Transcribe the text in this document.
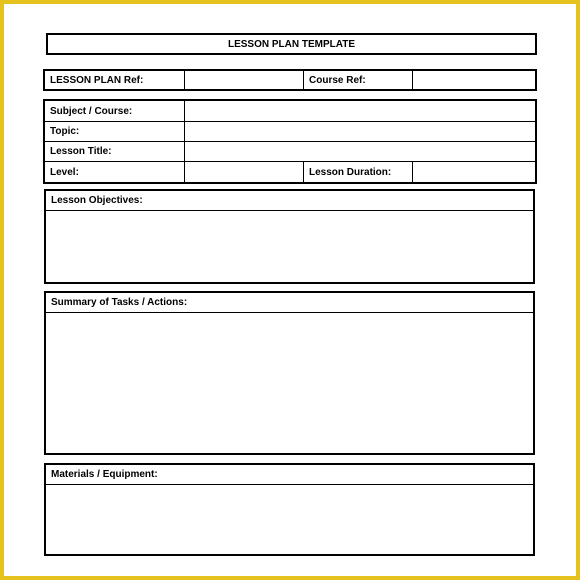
LESSON PLAN TEMPLATE
LESSON PLAN Ref:		Course Ref:	
Subject / Course:			
Topic:			
Lesson Title:			
Level:		Lesson Duration:	
Lesson Objectives:
Summary of Tasks / Actions:
Materials / Equipment:
